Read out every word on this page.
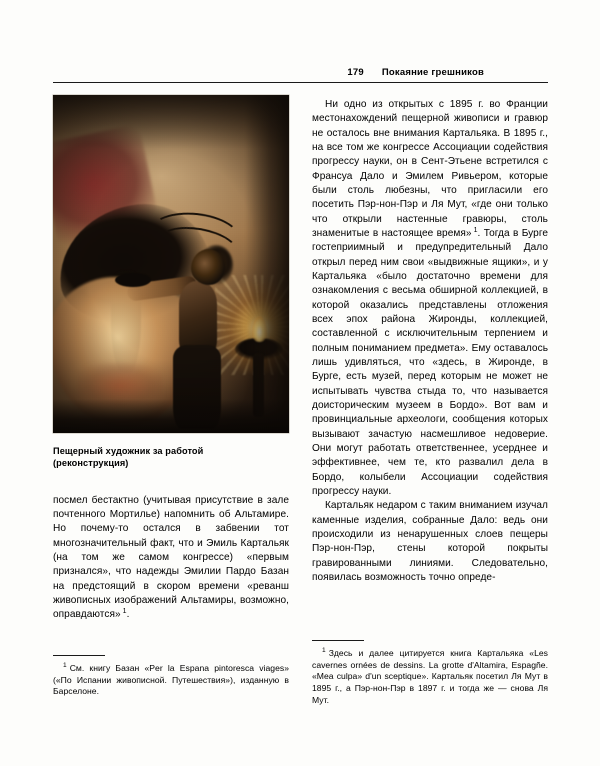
179 Покаяние грешников
Пещерный художник за работой
(реконструкция)

посмел бестактно (учитывая присутствие в зале почтенного Мортилье) напомнить об Альтамире. Но почему-то остался в забвении тот многозначительный факт, что и Эмиль Картальяк (на том же самом конгрессе) «первым признался», что надежды Эмилии Пардо Базан на предстоящий в скором времени «реванш живописных изображений Альтамиры, возможно, оправдаются» $^1$.

$^1$ См. книгу Базан «Per la Espana pintoresca viages» («По Испании живописной. Путешествия»), изданную в Барселоне.

Ни одно из открытых с 1895 г. во Франции местонахождений пещерной живописи и гравюр не осталось вне внимания Картальяка. В 1895 г., на все том же конгрессе Ассоциации содействия прогрессу науки, он в Сент-Этьене встретился с Франсуа Дало и Эмилем Ривьером, которые были столь любезны, что пригласили его посетить Пэр-нон-Пэр и Ля Мут, «где они только что открыли настенные гравюры, столь знаменитые в настоящее время» $^1$. Тогда в Бурге гостеприимный и предупредительный Дало открыл перед ним свои «выдвижные ящики», и у Картальяка «было достаточно времени для ознакомления с весьма обширной коллекцией, в которой оказались представлены отложения всех эпох района Жиронды, коллекцией, составленной с исключительным терпением и полным пониманием предмета». Ему оставалось лишь удивляться, что «здесь, в Жиронде, в Бурге, есть музей, перед которым не может не испытывать чувства стыда то, что называется доисторическим музеем в Бордо». Вот вам и провинциальные археологи, сообщения которых вызывают зачастую насмешливое недоверие. Они могут работать ответственнее, усерднее и эффективнее, чем те, кто развалил дела в Бордо, колыбели Ассоциации содействия прогрессу науки.

Картальяк недаром с таким вниманием изучал каменные изделия, собранные Дало: ведь они происходили из ненарушенных слоев пещеры Пэр-нон-Пэр, стены которой покрыты гравированными линиями. Следовательно, появилась возможность точно опреде-

$^1$ Здесь и далее цитируется книга Картальяка «Les cavernes ornées de dessins. La grotte d'Altamira, Espagñe. «Mea culpa» d'un sceptique». Картальяк посетил Ля Мут в 1895 г., а Пэр-нон-Пэр в 1897 г. и тогда же — снова Ля Мут.
